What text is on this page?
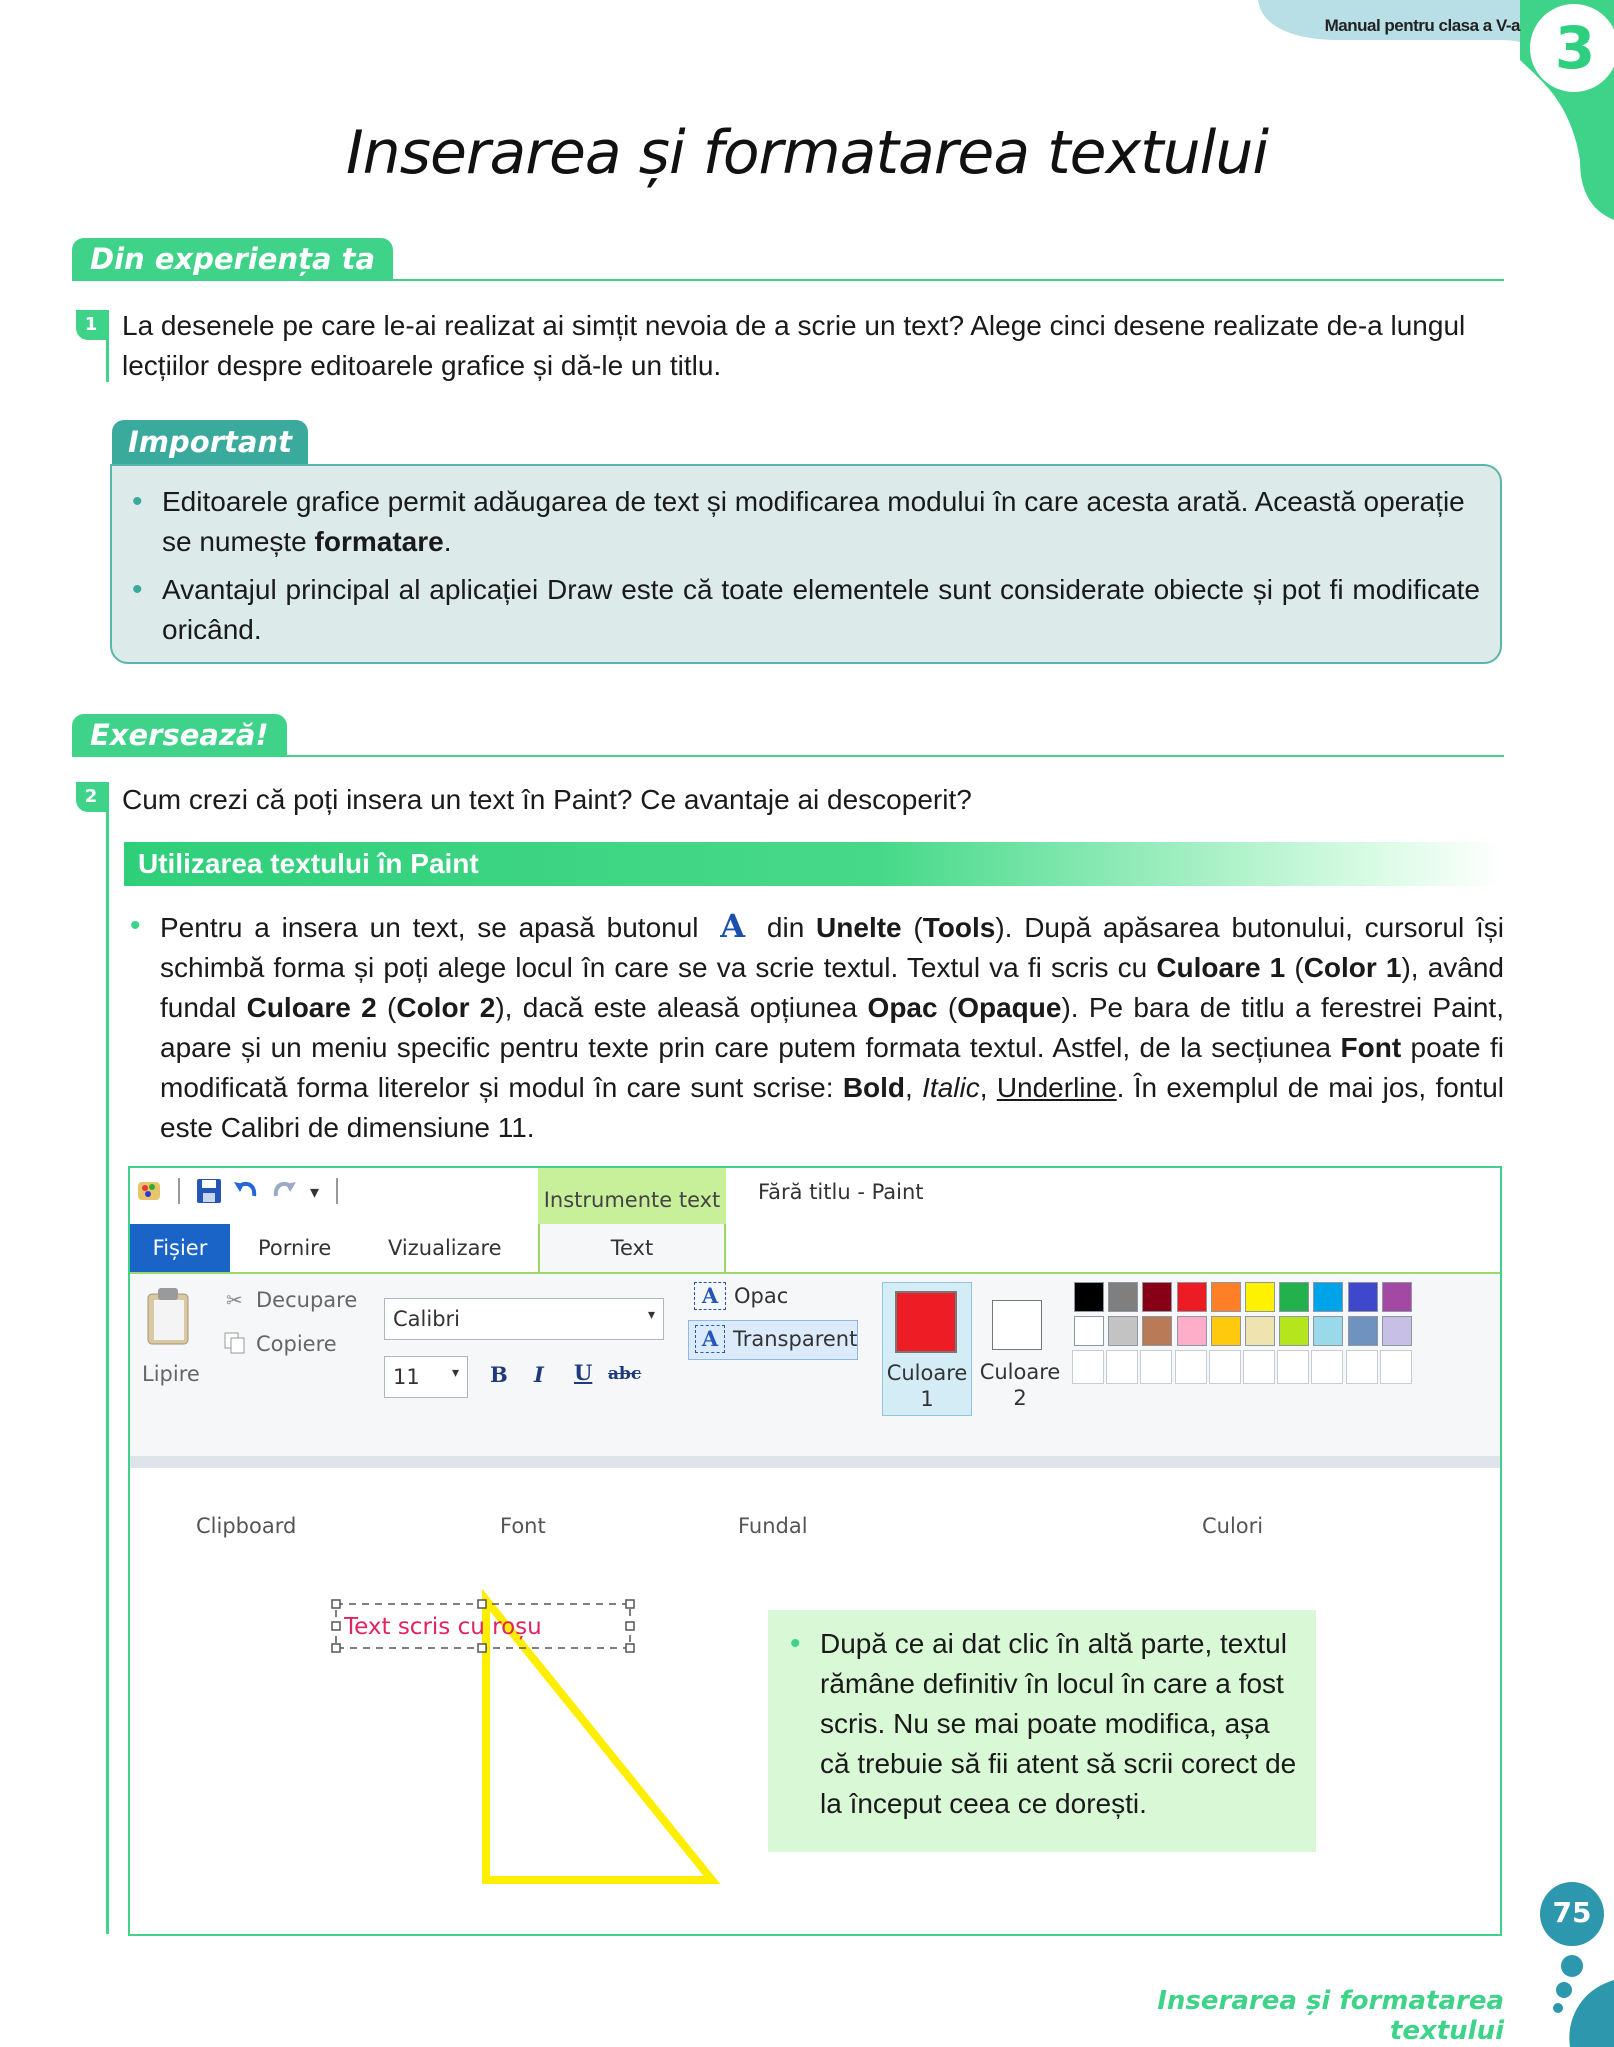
Manual pentru clasa a V-a 3
Inserarea și formatarea textului
Din experiența ta
1 La desenele pe care le-ai realizat ai simțit nevoia de a scrie un text? Alege cinci desene realizate de-a lungul lecțiilor despre editoarele grafice și dă-le un titlu.
Important
• Editoarele grafice permit adăugarea de text și modificarea modului în care acesta arată. Această operație se numește formatare.
• Avantajul principal al aplicației Draw este că toate elementele sunt considerate obiecte și pot fi modificate oricând.
Exersează!
2 Cum crezi că poți insera un text în Paint? Ce avantaje ai descoperit?
Utilizarea textului în Paint
• Pentru a insera un text, se apasă butonul A din Unelte (Tools). După apăsarea butonului, cursorul își schimbă forma și poți alege locul în care se va scrie textul. Textul va fi scris cu Culoare 1 (Color 1), având fundal Culoare 2 (Color 2), dacă este aleasă opțiunea Opac (Opaque). Pe bara de titlu a ferestrei Paint, apare și un meniu specific pentru texte prin care putem formata textul. Astfel, de la secțiunea Font poate fi modificată forma literelor și modul în care sunt scrise: Bold, Italic, Underline. În exemplul de mai jos, fontul este Calibri de dimensiune 11.
▾	Instrumente text Fără titlu - Paint
Fișier	Pornire	Vizualizare	Text
Lipire
✂ Decupare
Copiere
Clipboard
Calibri	▾
11 ▾ B I U abc
Font
A Opac
A Transparent
Fundal
Culoare
1
Culoare
2
Culori
Text scris cu roșu
• După ce ai dat clic în altă parte, textul rămâne definitiv în locul în care a fost scris. Nu se mai poate modifica, așa că trebuie să fii atent să scrii corect de la început ceea ce dorești.
75
Inserarea și formatarea textului
